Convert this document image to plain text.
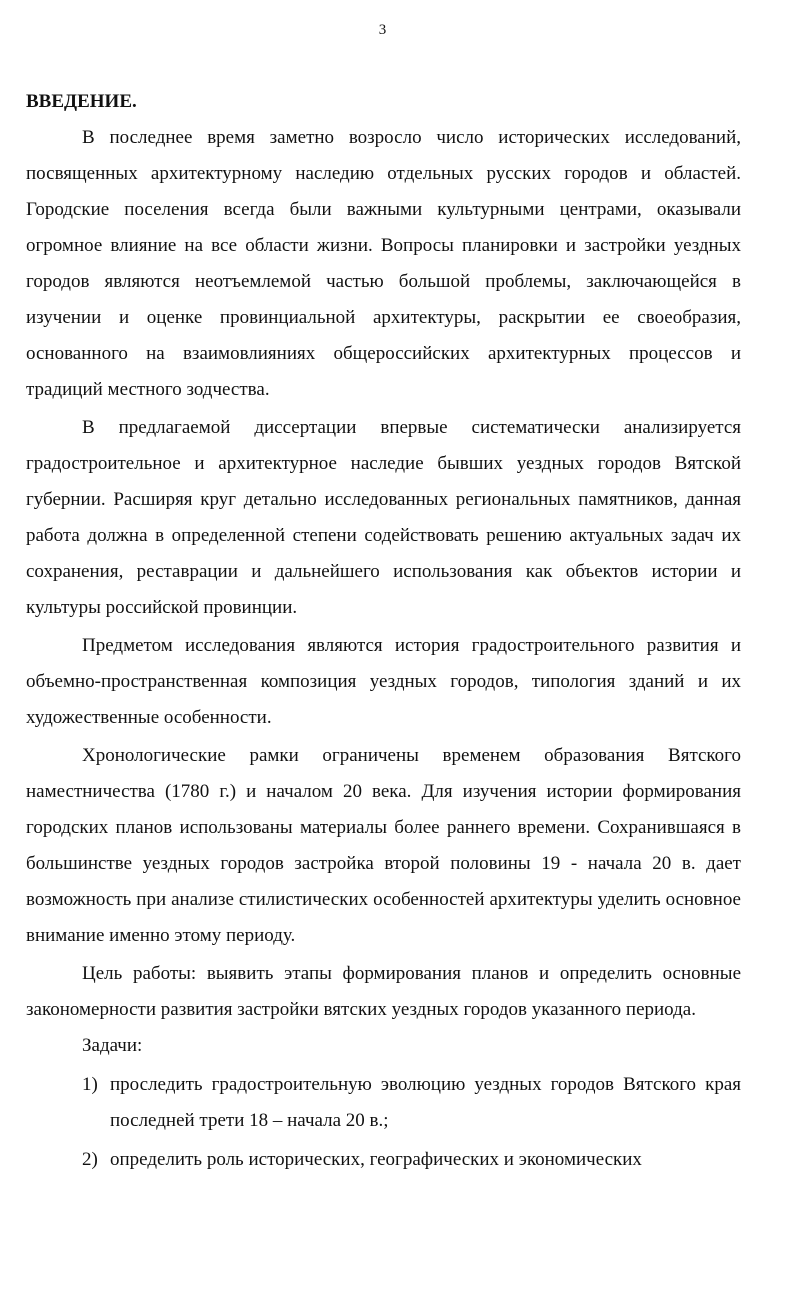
3
ВВЕДЕНИЕ.

В последнее время заметно возросло число исторических исследований, посвященных архитектурному наследию отдельных русских городов и областей. Городские поселения всегда были важными культурными центрами, оказывали огромное влияние на все области жизни. Вопросы планировки и застройки уездных городов являются неотъемлемой частью большой проблемы, заключающейся в изучении и оценке провинциальной архитектуры, раскрытии ее своеобразия, основанного на взаимовлияниях общероссийских архитектурных процессов и традиций местного зодчества.

В предлагаемой диссертации впервые систематически анализируется градостроительное и архитектурное наследие бывших уездных городов Вятской губернии. Расширяя круг детально исследованных региональных памятников, данная работа должна в определенной степени содействовать решению актуальных задач их сохранения, реставрации и дальнейшего использования как объектов истории и культуры российской провинции.

Предметом исследования являются история градостроительного развития и объемно-пространственная композиция уездных городов, типология зданий и их художественные особенности.

Хронологические рамки ограничены временем образования Вятского наместничества (1780 г.) и началом 20 века. Для изучения истории формирования городских планов использованы материалы более раннего времени. Сохранившаяся в большинстве уездных городов застройка второй половины 19 - начала 20 в. дает возможность при анализе стилистических особенностей архитектуры уделить основное внимание именно этому периоду.

Цель работы: выявить этапы формирования планов и определить основные закономерности развития застройки вятских уездных городов указанного периода.

Задачи:

1) проследить градостроительную эволюцию уездных городов Вятского края последней трети 18 – начала 20 в.;
2) определить роль исторических, географических и экономических
